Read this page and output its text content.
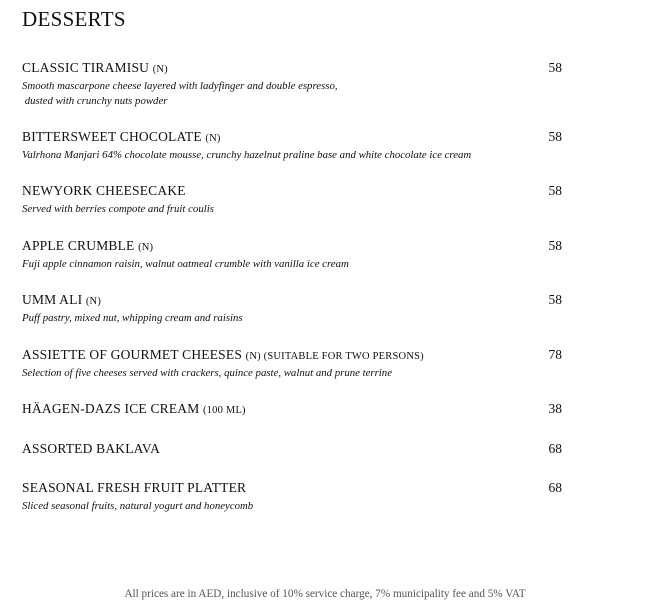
DESSERTS
CLASSIC TIRAMISU (N)	58
Smooth mascarpone cheese layered with ladyfinger and double espresso,
dusted with crunchy nuts powder
BITTERSWEET CHOCOLATE (N)	58
Valrhona Manjari 64% chocolate mousse, crunchy hazelnut praline base and white chocolate ice cream
NEWYORK CHEESECAKE	58
Served with berries compote and fruit coulis
APPLE CRUMBLE (N)	58
Fuji apple cinnamon raisin, walnut oatmeal crumble with vanilla ice cream
UMM ALI (N)	58
Puff pastry, mixed nut, whipping cream and raisins
ASSIETTE OF GOURMET CHEESES (N) (SUITABLE FOR TWO PERSONS)	78
Selection of five cheeses served with crackers, quince paste, walnut and prune terrine
HÄAGEN-DAZS ICE CREAM (100 ML)	38
ASSORTED BAKLAVA	68
SEASONAL FRESH FRUIT PLATTER	68
Sliced seasonal fruits, natural yogurt and honeycomb
All prices are in AED, inclusive of 10% service charge, 7% municipality fee and 5% VAT
